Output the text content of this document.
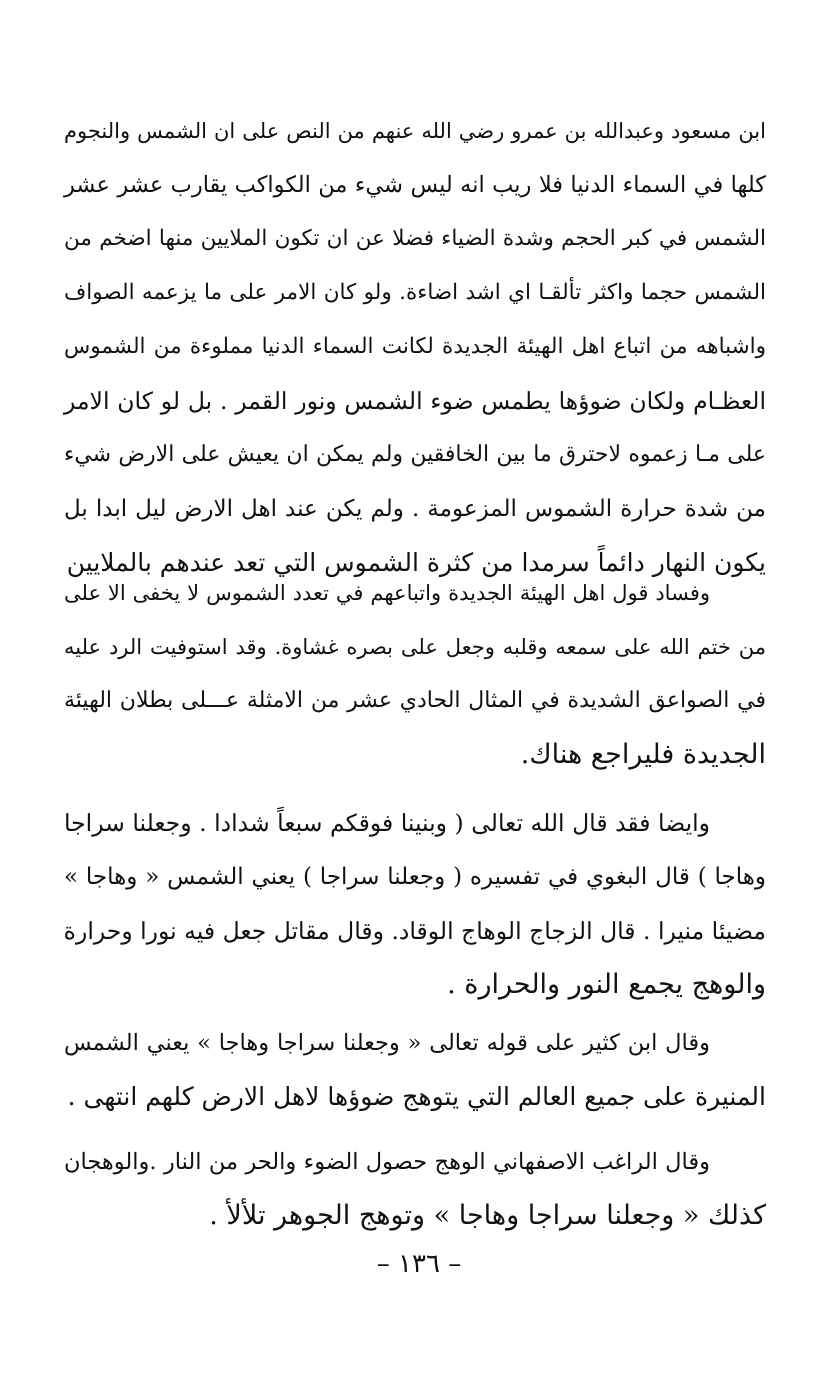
ابن مسعود وعبدالله بن عمرو رضي الله عنهم من النص على ان الشمس والنجوم
كلها في السماء الدنيا فلا ريب انه ليس شيء من الكواكب يقارب عشر عشر
الشمس في كبر الحجم وشدة الضياء فضلا عن ان تكون الملايين منها اضخم من
الشمس حجما واكثر تألقـا اي اشد اضاءة. ولو كان الامر على ما يزعمه الصواف
واشباهه من اتباع اهل الهيئة الجديدة لكانت السماء الدنيا مملوءة من الشموس
العظـام ولكان ضوؤها يطمس ضوء الشمس ونور القمر . بل لو كان الامر
على مـا زعموه لاحترق ما بين الخافقين ولم يمكن ان يعيش على الارض شيء
من شدة حرارة الشموس المزعومة . ولم يكن عند اهل الارض ليل ابدا بل
يكون النهار دائماً سرمدا من كثرة الشموس التي تعد عندهم بالملايين
وفساد قول اهل الهيئة الجديدة واتباعهم في تعدد الشموس لا يخفى الا على
من ختم الله على سمعه وقلبه وجعل على بصره غشاوة. وقد استوفيت الرد عليه
في الصواعق الشديدة في المثال الحادي عشر من الامثلة عـــلى بطلان الهيئة
الجديدة فليراجع هناك.
وايضا فقد قال الله تعالى ( وبنينا فوقكم سبعاً شدادا . وجعلنا سراجا
وهاجا ) قال البغوي في تفسيره ( وجعلنا سراجا ) يعني الشمس « وهاجا »
مضيئا منيرا . قال الزجاج الوهاج الوقاد. وقال مقاتل جعل فيه نورا وحرارة
والوهج يجمع النور والحرارة .
وقال ابن كثير على قوله تعالى « وجعلنا سراجا وهاجا » يعني الشمس
المنيرة على جميع العالم التي يتوهج ضوؤها لاهل الارض كلهم انتهى .
وقال الراغب الاصفهاني الوهج حصول الضوء والحر من النار .والوهجان
كذلك « وجعلنا سراجا وهاجا » وتوهج الجوهر تلألأ .
– ١٣٦ –
